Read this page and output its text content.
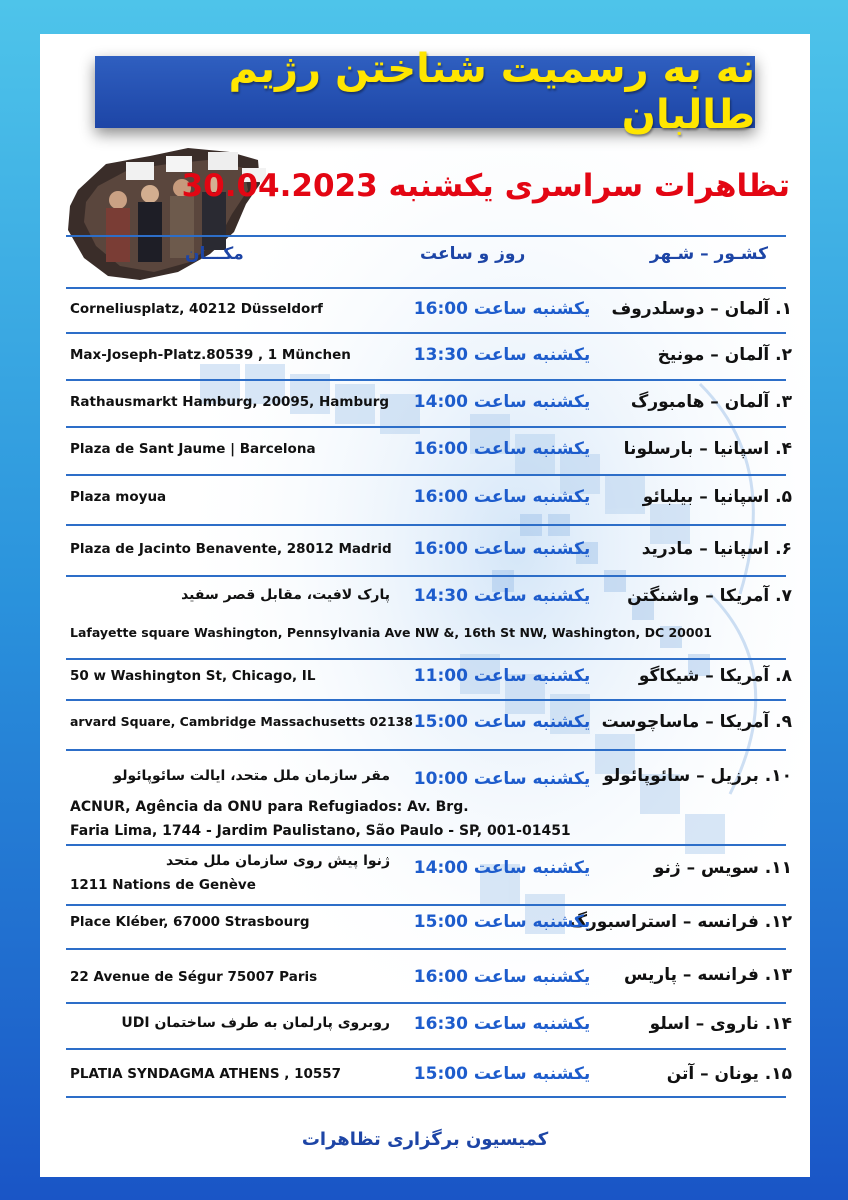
نه به رسمیت شناختن رژیم طالبان
تظاهرات سراسری یکشنبه 30.04.2023
کشـور – شـهر
روز و ساعت
مکـــان
۱. آلمان – دوسلدروف
یکشنبه ساعت 16:00
Corneliusplatz, 40212 Düsseldorf
۲. آلمان – مونیخ
یکشنبه ساعت 13:30
Max-Joseph-Platz.80539 , 1 München
۳. آلمان – هامبورگ
یکشنبه ساعت 14:00
Rathausmarkt Hamburg, 20095, Hamburg
۴. اسپانیا – بارسلونا
یکشنبه ساعت 16:00
Plaza de Sant Jaume | Barcelona
۵. اسپانیا – بیلبائو
یکشنبه ساعت 16:00
Plaza moyua
۶. اسپانیا – مادرید
یکشنبه ساعت 16:00
Plaza de Jacinto Benavente, 28012 Madrid
۷. آمریکا – واشنگتن
یکشنبه ساعت 14:30
پارک لافیت، مقابل قصر سفید
Lafayette square Washington, Pennsylvania Ave NW &, 16th St NW, Washington, DC 20001
۸. آمریکا – شیکاگو
یکشنبه ساعت 11:00
50 w Washington St, Chicago, IL
۹. آمریکا – ماساچوست
یکشنبه ساعت 15:00
arvard Square, Cambridge Massachusetts 02138
۱۰. برزیل – سائوپائولو
یکشنبه ساعت 10:00
مقر سازمان ملل متحد، ایالت سائوپائولو
ACNUR, Agência da ONU para Refugiados: Av. Brg.
Faria Lima, 1744 - Jardim Paulistano, São Paulo - SP, 001-01451
۱۱. سویس – ژنو
یکشنبه ساعت 14:00
ژنوا پیش روی سازمان ملل متحد
1211 Nations de Genève
۱۲. فرانسه – استراسبورگ
یکشنبه ساعت 15:00
Place Kléber, 67000 Strasbourg
۱۳. فرانسه – پاریس
یکشنبه ساعت 16:00
22 Avenue de Ségur 75007 Paris
۱۴. ناروی – اسلو
یکشنبه ساعت 16:30
روبروی پارلمان به طرف ساختمان UDI
۱۵. یونان – آتن
یکشنبه ساعت 15:00
PLATIA SYNDAGMA ATHENS , 10557
کمیسیون برگزاری تظاهرات
